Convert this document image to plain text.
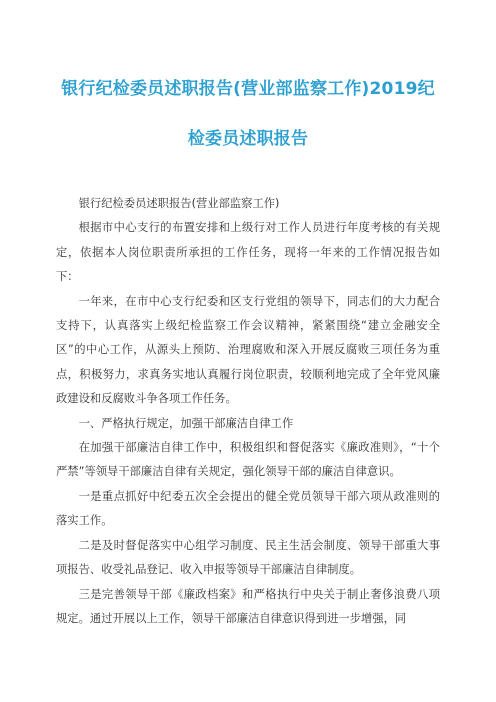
银行纪检委员述职报告(营业部监察工作)2019纪检委员述职报告

银行纪检委员述职报告(营业部监察工作)

根据市中心支行的布置安排和上级行对工作人员进行年度考核的有关规定，依据本人岗位职责所承担的工作任务，现将一年来的工作情况报告如下：

一年来，在市中心支行纪委和区支行党组的领导下，同志们的大力配合支持下，认真落实上级纪检监察工作会议精神，紧紧围绕“建立金融安全区”的中心工作，从源头上预防、治理腐败和深入开展反腐败三项任务为重点，积极努力，求真务实地认真履行岗位职责，较顺利地完成了全年党风廉政建设和反腐败斗争各项工作任务。

一、严格执行规定，加强干部廉洁自律工作

在加强干部廉洁自律工作中，积极组织和督促落实《廉政准则》，“十个严禁”等领导干部廉洁自律有关规定，强化领导干部的廉洁自律意识。

一是重点抓好中纪委五次全会提出的健全党员领导干部六项从政准则的落实工作。

二是及时督促落实中心组学习制度、民主生活会制度、领导干部重大事项报告、收受礼品登记、收入申报等领导干部廉洁自律制度。

三是完善领导干部《廉政档案》和严格执行中央关于制止奢侈浪费八项规定。通过开展以上工作，领导干部廉洁自律意识得到进一步增强，同
